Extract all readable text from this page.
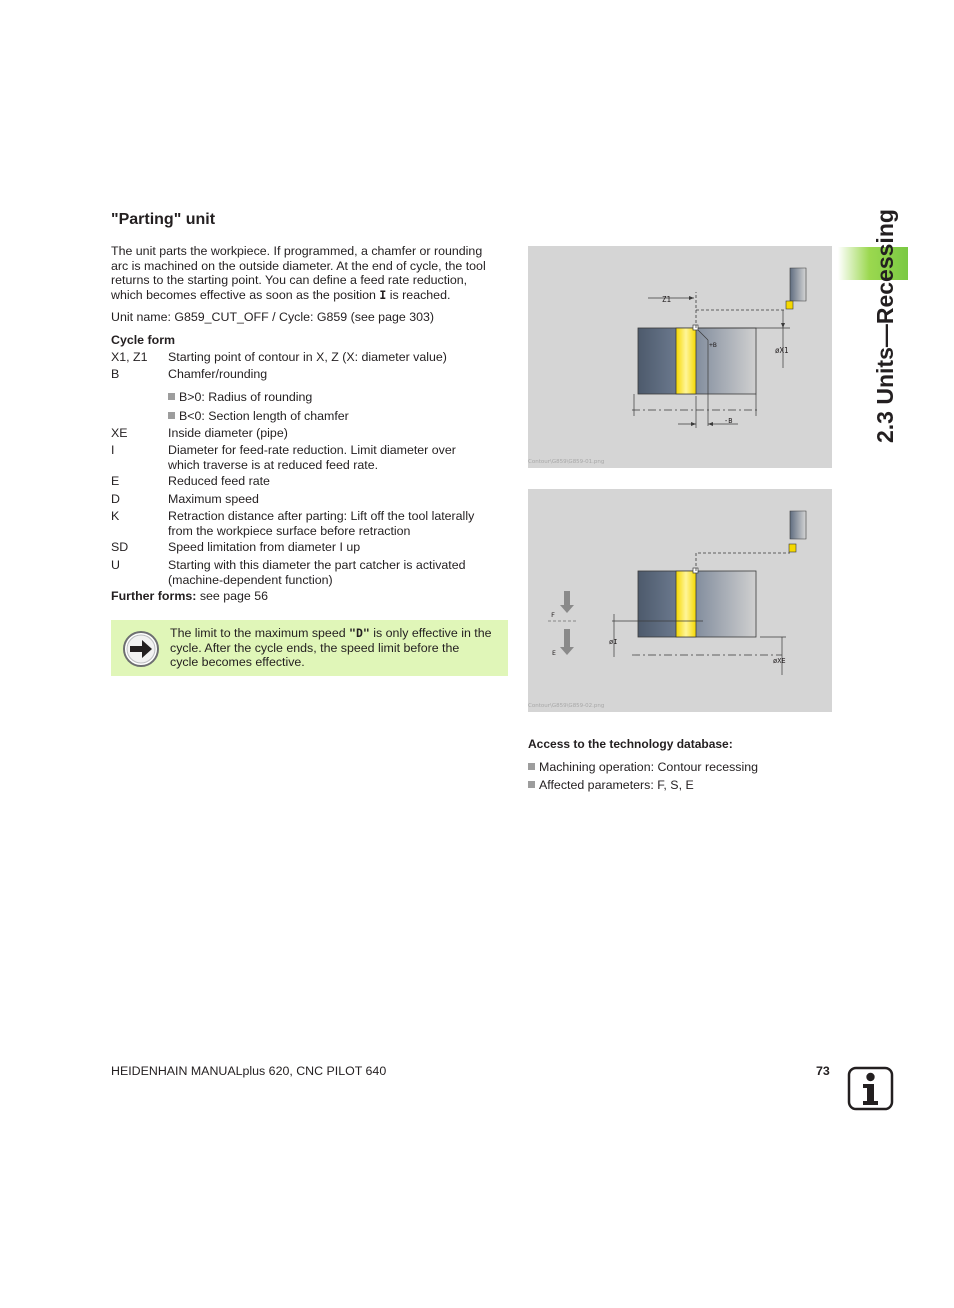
"Parting" unit
The unit parts the workpiece. If programmed, a chamfer or rounding
arc is machined on the outside diameter. At the end of cycle, the tool
returns to the starting point. You can define a feed rate reduction,
which becomes effective as soon as the position I is reached.
Unit name: G859_CUT_OFF / Cycle: G859 (see page 303)
Cycle form
X1, Z1	Starting point of contour in X, Z (X: diameter value)
B	Chamfer/rounding
B>0: Radius of rounding
B<0: Section length of chamfer
XE	Inside diameter (pipe)
I	Diameter for feed-rate reduction. Limit diameter over
which traverse is at reduced feed rate.
E	Reduced feed rate
D	Maximum speed
K	Retraction distance after parting: Lift off the tool laterally
from the workpiece surface before retraction
SD	Speed limitation from diameter I up
U	Starting with this diameter the part catcher is activated
(machine-dependent function)
Further forms: see page 56
The limit to the maximum speed "D" is only effective in the
cycle. After the cycle ends, the speed limit before the
cycle becomes effective.
Z1
øX1
+B
-B
Contour\G859\G859-01.png
øI
øXE
F
E
Contour\G859\G859-02.png
Access to the technology database:
Machining operation: Contour recessing
Affected parameters: F, S, E
2.3 Units—Recessing
HEIDENHAIN MANUALplus 620, CNC PILOT 640	73
